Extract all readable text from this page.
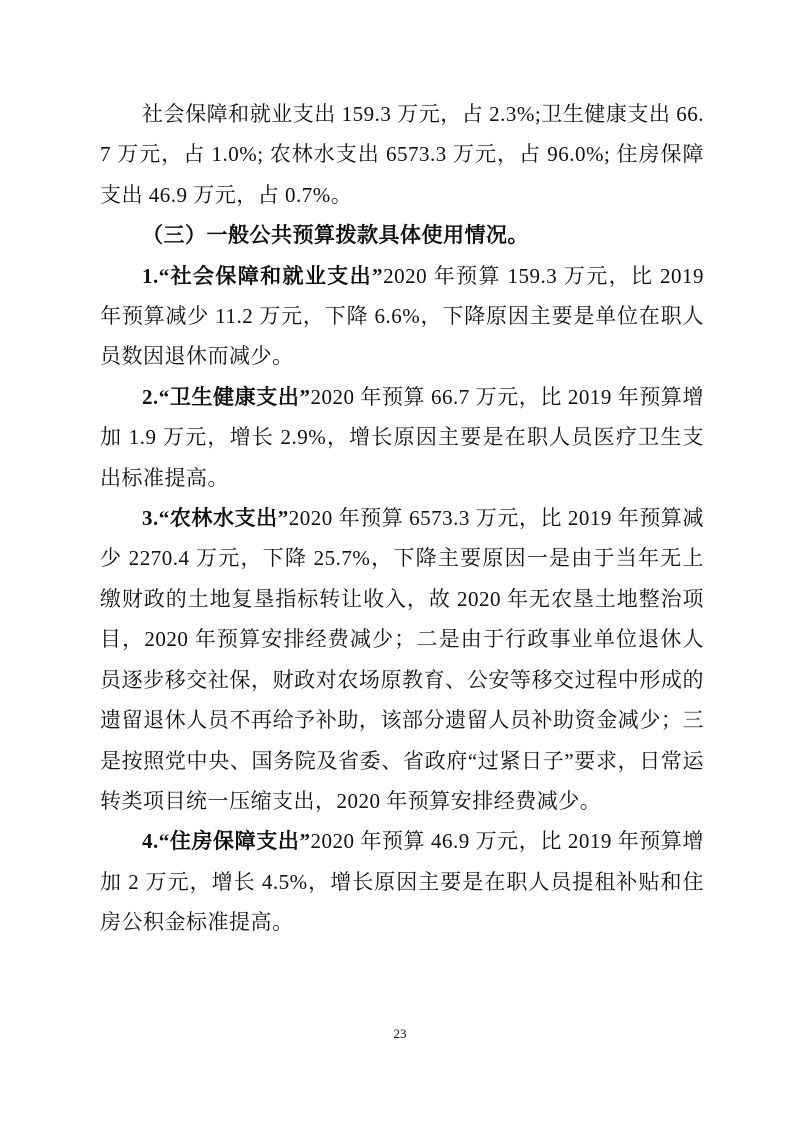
社会保障和就业支出 159.3 万元，占 2.3%;卫生健康支出 66.7 万元，占 1.0%; 农林水支出 6573.3 万元，占 96.0%; 住房保障支出 46.9 万元，占 0.7%。

（三）一般公共预算拨款具体使用情况。

1.“社会保障和就业支出”2020 年预算 159.3 万元，比 2019 年预算减少 11.2 万元，下降 6.6%，下降原因主要是单位在职人员数因退休而减少。

2.“卫生健康支出”2020 年预算 66.7 万元，比 2019 年预算增加 1.9 万元，增长 2.9%，增长原因主要是在职人员医疗卫生支出标准提高。

3.“农林水支出”2020 年预算 6573.3 万元，比 2019 年预算减少 2270.4 万元，下降 25.7%，下降主要原因一是由于当年无上缴财政的土地复垦指标转让收入，故 2020 年无农垦土地整治项目，2020 年预算安排经费减少；二是由于行政事业单位退休人员逐步移交社保，财政对农场原教育、公安等移交过程中形成的遗留退休人员不再给予补助，该部分遗留人员补助资金减少；三是按照党中央、国务院及省委、省政府“过紧日子”要求，日常运转类项目统一压缩支出，2020 年预算安排经费减少。

4.“住房保障支出”2020 年预算 46.9 万元，比 2019 年预算增加 2 万元，增长 4.5%，增长原因主要是在职人员提租补贴和住房公积金标准提高。

23
